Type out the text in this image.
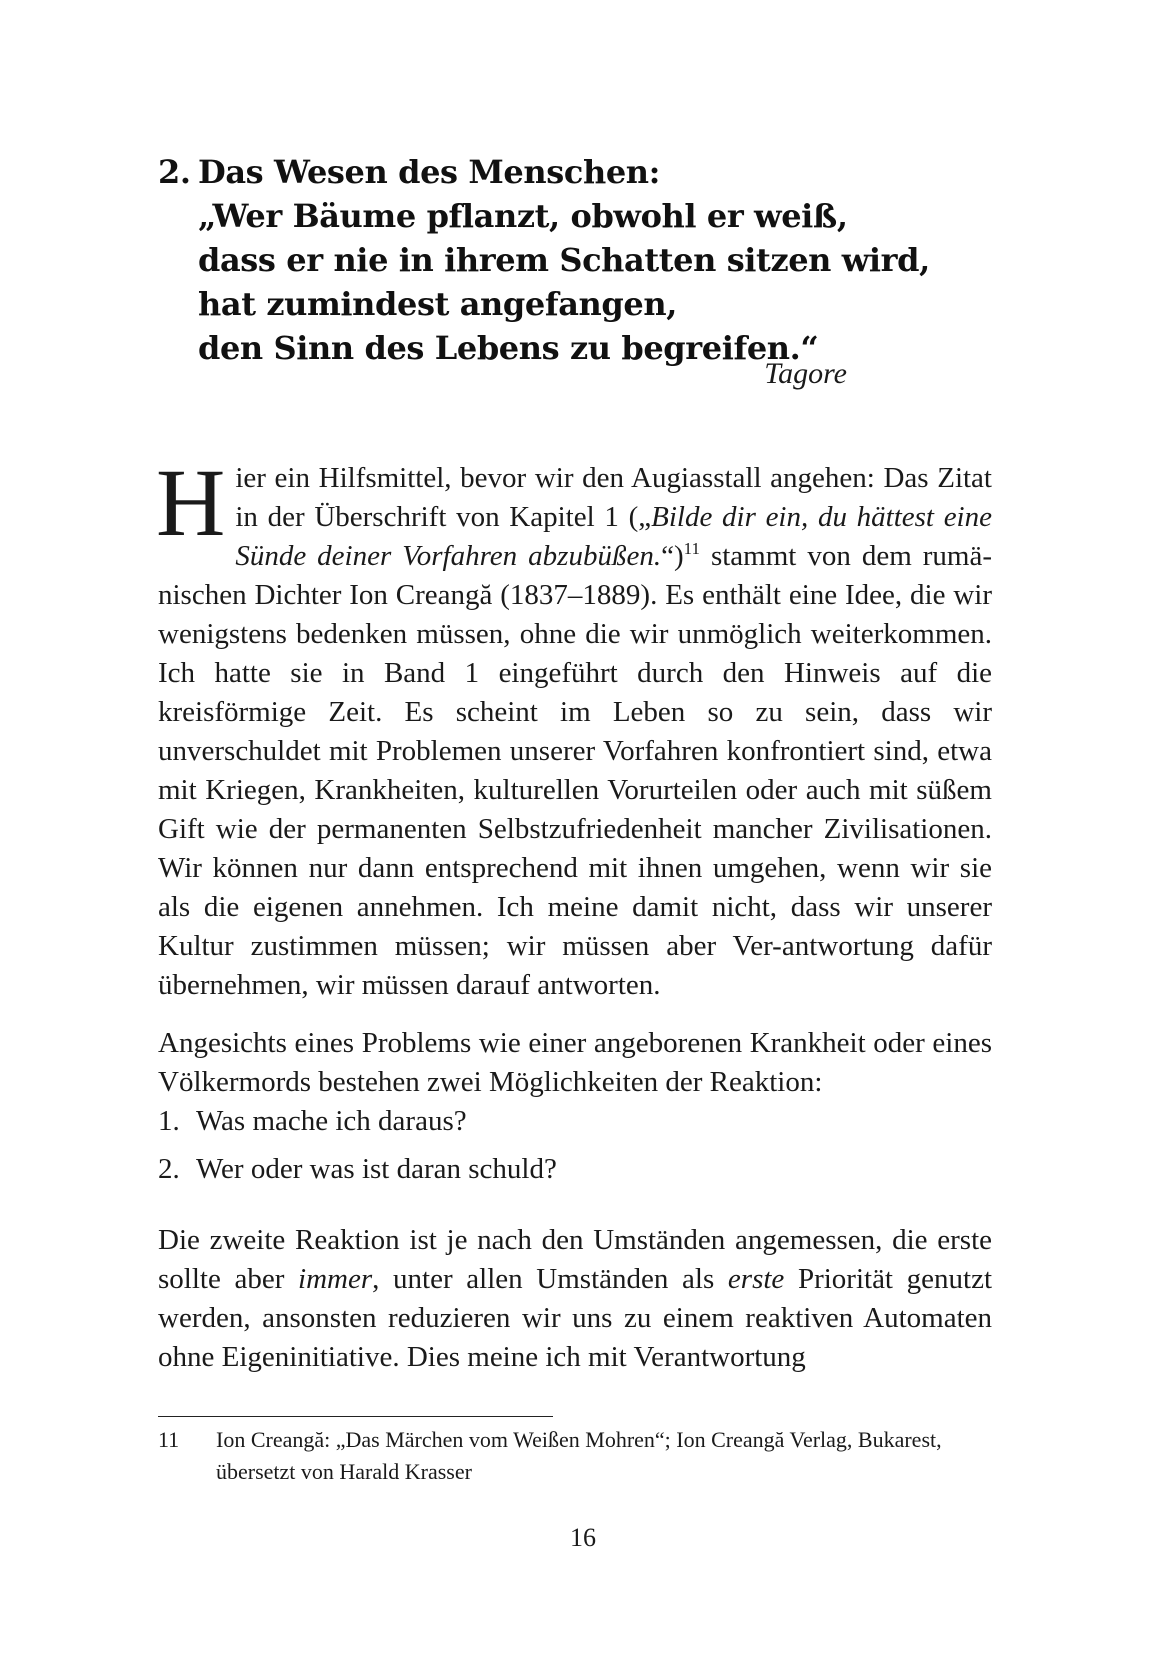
2. Das Wesen des Menschen:
„Wer Bäume pflanzt, obwohl er weiß,
dass er nie in ihrem Schatten sitzen wird,
hat zumindest angefangen,
den Sinn des Lebens zu begreifen.“

Tagore

Hier ein Hilfsmittel, bevor wir den Augiasstall angehen: Das Zitat in der Überschrift von Kapitel 1 („Bilde dir ein, du hättest eine Sünde deiner Vorfahren abzubüßen.“)$^{11}$ stammt von dem rumänischen Dichter Ion Creangă (1837–1889). Es enthält eine Idee, die wir wenigstens bedenken müssen, ohne die wir unmöglich weiterkommen. Ich hatte sie in Band 1 eingeführt durch den Hinweis auf die kreisförmige Zeit. Es scheint im Leben so zu sein, dass wir unverschuldet mit Problemen unserer Vorfahren konfrontiert sind, etwa mit Kriegen, Krankheiten, kulturellen Vorurteilen oder auch mit süßem Gift wie der permanenten Selbstzufriedenheit mancher Zivilisationen. Wir können nur dann entsprechend mit ihnen umgehen, wenn wir sie als die eigenen annehmen. Ich meine damit nicht, dass wir unserer Kultur zustimmen müssen; wir müssen aber Ver-antwortung dafür übernehmen, wir müssen darauf antworten.

Angesichts eines Problems wie einer angeborenen Krankheit oder eines Völkermords bestehen zwei Möglichkeiten der Reaktion:

1. Was mache ich daraus?
2. Wer oder was ist daran schuld?

Die zweite Reaktion ist je nach den Umständen angemessen, die erste sollte aber immer, unter allen Umständen als erste Priorität genutzt werden, ansonsten reduzieren wir uns zu einem reaktiven Automaten ohne Eigeninitiative. Dies meine ich mit Verantwortung

11	Ion Creangă: „Das Märchen vom Weißen Mohren“; Ion Creangă Verlag, Bukarest, übersetzt von Harald Krasser

16
